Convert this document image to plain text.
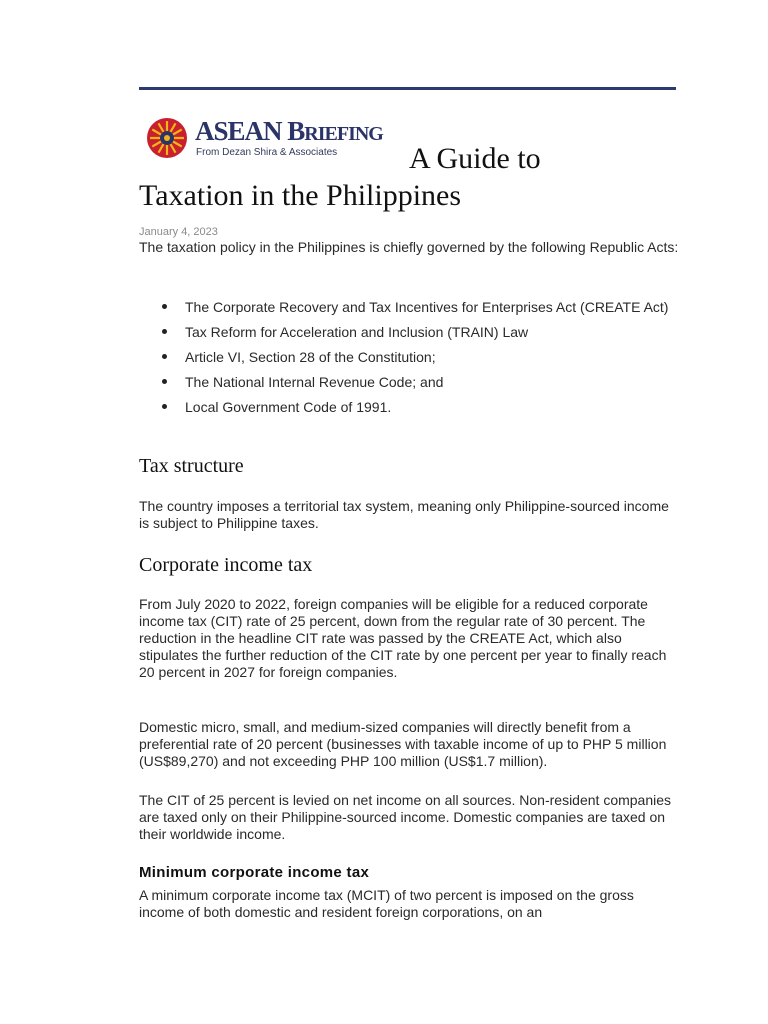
ASEAN BRIEFING
From Dezan Shira & Associates	A Guide to
Taxation in the Philippines
January 4, 2023

The taxation policy in the Philippines is chiefly governed by the following Republic Acts:

The Corporate Recovery and Tax Incentives for Enterprises Act (CREATE Act)
Tax Reform for Acceleration and Inclusion (TRAIN) Law
Article VI, Section 28 of the Constitution;
The National Internal Revenue Code; and
Local Government Code of 1991.
Tax structure

The country imposes a territorial tax system, meaning only Philippine-sourced income is subject to Philippine taxes.

Corporate income tax

From July 2020 to 2022, foreign companies will be eligible for a reduced corporate income tax (CIT) rate of 25 percent, down from the regular rate of 30 percent. The reduction in the headline CIT rate was passed by the CREATE Act, which also stipulates the further reduction of the CIT rate by one percent per year to finally reach 20 percent in 2027 for foreign companies.

Domestic micro, small, and medium-sized companies will directly benefit from a preferential rate of 20 percent (businesses with taxable income of up to PHP 5 million (US$89,270) and not exceeding PHP 100 million (US$1.7 million).

The CIT of 25 percent is levied on net income on all sources. Non-resident companies are taxed only on their Philippine-sourced income. Domestic companies are taxed on their worldwide income.

Minimum corporate income tax

A minimum corporate income tax (MCIT) of two percent is imposed on the gross income of both domestic and resident foreign corporations, on an
